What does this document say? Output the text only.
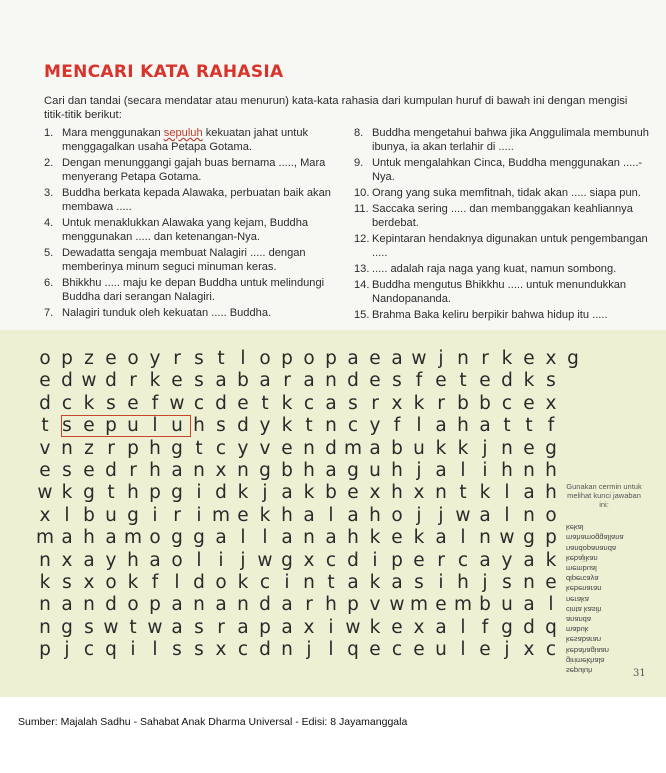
MENCARI KATA RAHASIA
Cari dan tandai (secara mendatar atau menurun) kata-kata rahasia dari kumpulan huruf di bawah ini dengan mengisi titik-titik berikut:
1. Mara menggunakan sepuluh kekuatan jahat untuk menggagalkan usaha Petapa Gotama.
2. Dengan menunggangi gajah buas bernama ....., Mara menyerang Petapa Gotama.
3. Buddha berkata kepada Alawaka, perbuatan baik akan membawa .....
4. Untuk menaklukkan Alawaka yang kejam, Buddha menggunakan ..... dan ketenangan-Nya.
5. Dewadatta sengaja membuat Nalagiri ..... dengan memberinya minum seguci minuman keras.
6. Bhikkhu ..... maju ke depan Buddha untuk melindungi Buddha dari serangan Nalagiri.
7. Nalagiri tunduk oleh kekuatan ..... Buddha.
8. Buddha mengetahui bahwa jika Anggulimala membunuh ibunya, ia akan terlahir di .....
9. Untuk mengalahkan Cinca, Buddha menggunakan .....-Nya.
10. Orang yang suka memfitnah, tidak akan ..... siapa pun.
11. Saccaka sering ..... dan membanggakan keahliannya berdebat.
12. Kepintaran hendaknya digunakan untuk pengembangan .....
13. ..... adalah raja naga yang kuat, namun sombong.
14. Buddha mengutus Bhikkhu ..... untuk menundukkan Nandopananda.
15. Brahma Baka keliru berpikir bahwa hidup itu .....
o p z e o y r s t l o p o p a e a w j n r k e x g
e d w d r k e s a b a r a n d e s f e t e d k s
d c k s e f w c d e t k c a s r x k r b b c e x
t s e p u l u h s d y k t n c y f l a h a t t f
v n z r p h g t c y v e n d m a b u k k j n e g
e s e d r h a n x n g b h a g u h j a l i h n h
w k g t h p g i d k j a k b e x h x n t k l a h
x l b u g i r i m e k h a l a h o j j w a l n o
m a h a m o g g a l l a n a h k e k a l n w g p
n x a y h a o l i j w g x c d i p e r c a y a k
k s x o k f l d o k c i n t a k a s i h j s n e
n a n d o p a n a n d a r h p v w m e m b u a l
n g s w t w a s r a p a x i w k e x a l f g d q
p j c q i l s s x c d n j l q e c e u l e j x c
Gunakan cermin untuk melihat kunci jawaban ini:
sepuluh
girimekhala
kebahagiaan
kesabaran
mabuk
ananda
cinta kasih
neraka
kebenaran
dipercaya
membual
kebajikan
nandopananda
mahamoggallana
kekal
31
Sumber: Majalah Sadhu - Sahabat Anak Dharma Universal - Edisi: 8 Jayamanggala
